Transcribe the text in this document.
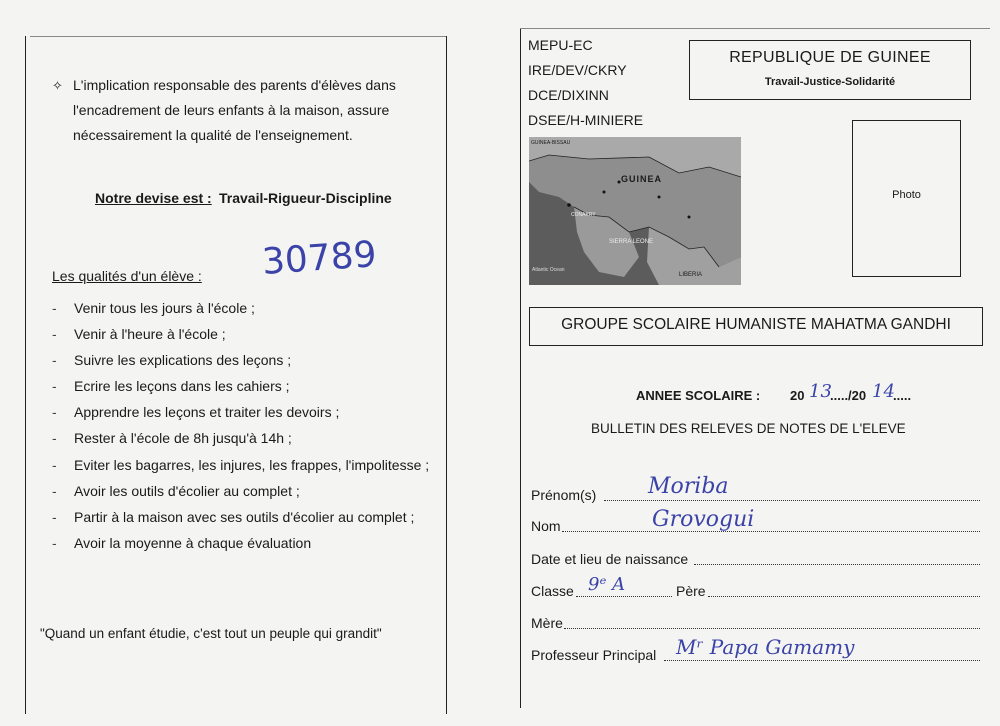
✧ L'implication responsable des parents d'élèves dans
l'encadrement de leurs enfants à la maison, assure
nécessairement la qualité de l'enseignement.
Notre devise est : Travail-Rigueur-Discipline
30789
Les qualités d'un élève :
- Venir tous les jours à l'école ;
- Venir à l'heure à l'école ;
- Suivre les explications des leçons ;
- Ecrire les leçons dans les cahiers ;
- Apprendre les leçons et traiter les devoirs ;
- Rester à l'école de 8h jusqu'à 14h ;
- Eviter les bagarres, les injures, les frappes, l'impolitesse ;
- Avoir les outils d'écolier au complet ;
- Partir à la maison avec ses outils d'écolier au complet ;
- Avoir la moyenne à chaque évaluation
"Quand un enfant étudie, c'est tout un peuple qui grandit"
MEPU-EC
IRE/DEV/CKRY
DCE/DIXINN
DSEE/H-MINIERE
REPUBLIQUE DE GUINEE
Travail-Justice-Solidarité
GUINEA
GUINEA-BISSAU
SIERRA LEONE
LIBERIA
CONAKRY
Atlantic Ocean
Photo
GROUPE SCOLAIRE HUMANISTE MAHATMA GANDHI
ANNEE SCOLAIRE : 20 13
...../20 14
.....
BULLETIN DES RELEVES DE NOTES DE L'ELEVE
Prénom(s) Moriba
Nom	Grovogui
Date et lieu de naissance
Classe 9ᵉ A	Père
Mère
Professeur Principal Mʳ Papa Gamamy
